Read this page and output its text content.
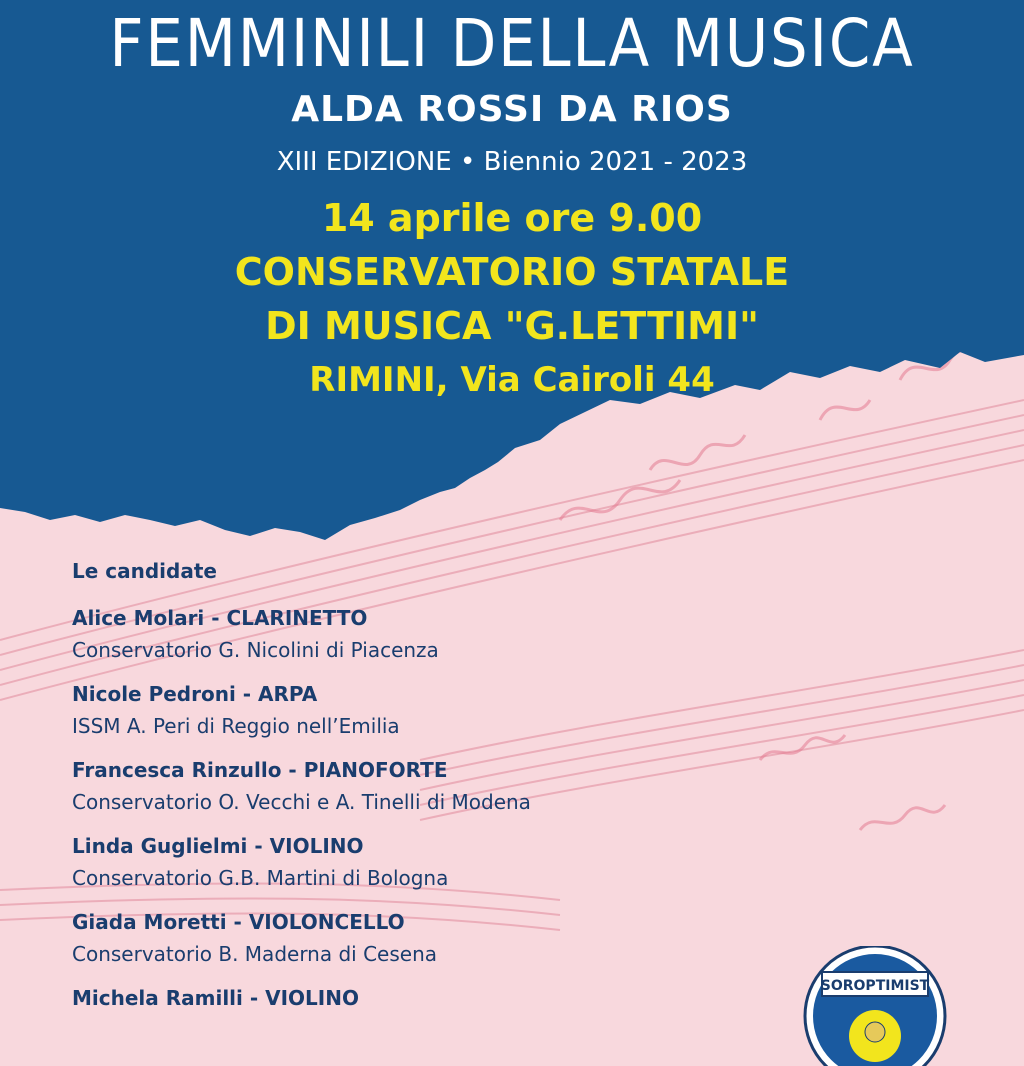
FEMMINILI DELLA MUSICA
ALDA ROSSI DA RIOS
XIII EDIZIONE • Biennio 2021 - 2023
14 aprile ore 9.00
CONSERVATORIO STATALE
DI MUSICA "G.LETTIMI"
RIMINI, Via Cairoli 44
Le candidate
Alice Molari - CLARINETTO
Conservatorio G. Nicolini di Piacenza
Nicole Pedroni - ARPA
ISSM A. Peri di Reggio nell’Emilia
Francesca Rinzullo - PIANOFORTE
Conservatorio O. Vecchi e A. Tinelli di Modena
Linda Guglielmi - VIOLINO
Conservatorio G.B. Martini di Bologna
Giada Moretti - VIOLONCELLO
Conservatorio B. Maderna di Cesena
Michela Ramilli - VIOLINO	SOROPTIMIST
